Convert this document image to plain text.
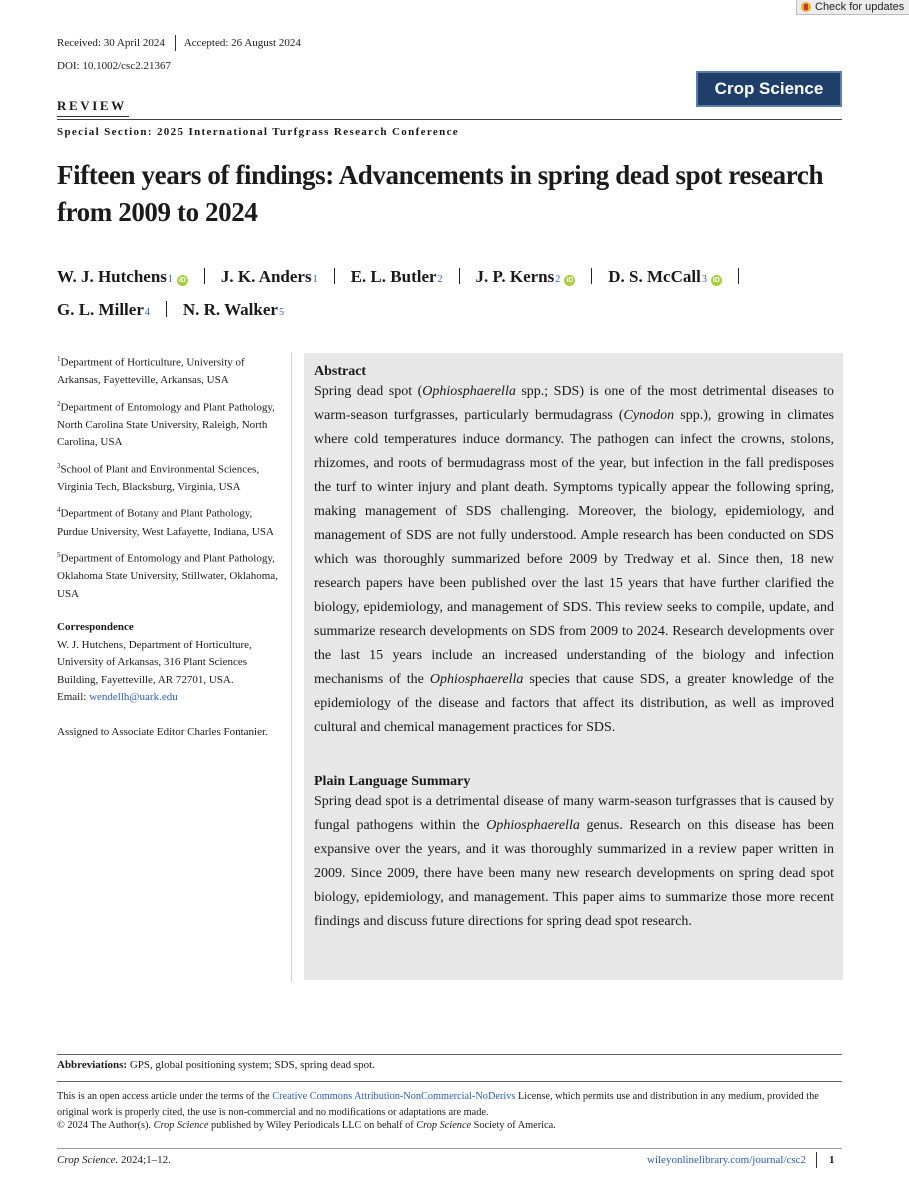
Check for updates
Received: 30 April 2024 Accepted: 26 August 2024
DOI: 10.1002/csc2.21367
Crop Science
REVIEW
Special Section: 2025 International Turfgrass Research Conference
Fifteen years of findings: Advancements in spring dead spot research from 2009 to 2024
W. J. Hutchens 1 iD J. K. Anders 1 E. L. Butler 2 J. P. Kerns 2 iD D. S. McCall 3 iD

G. L. Miller 4 N. R. Walker 5
$^1$Department of Horticulture, University of Arkansas, Fayetteville, Arkansas, USA
$^2$Department of Entomology and Plant Pathology, North Carolina State University, Raleigh, North Carolina, USA
$^3$School of Plant and Environmental Sciences, Virginia Tech, Blacksburg, Virginia, USA
$^4$Department of Botany and Plant Pathology, Purdue University, West Lafayette, Indiana, USA
$^5$Department of Entomology and Plant Pathology, Oklahoma State University, Stillwater, Oklahoma, USA
Correspondence
W. J. Hutchens, Department of Horticulture, University of Arkansas, 316 Plant Sciences Building, Fayetteville, AR 72701, USA.
Email: wendellh@uark.edu
Assigned to Associate Editor Charles Fontanier.
Abstract

Spring dead spot (Ophiosphaerella spp.; SDS) is one of the most detrimental diseases to warm-season turfgrasses, particularly bermudagrass (Cynodon spp.), growing in climates where cold temperatures induce dormancy. The pathogen can infect the crowns, stolons, rhizomes, and roots of bermudagrass most of the year, but infection in the fall predisposes the turf to winter injury and plant death. Symptoms typically appear the following spring, making management of SDS challenging. Moreover, the biology, epidemiology, and management of SDS are not fully understood. Ample research has been conducted on SDS which was thoroughly summarized before 2009 by Tredway et al. Since then, 18 new research papers have been published over the last 15 years that have further clarified the biology, epidemiology, and management of SDS. This review seeks to compile, update, and summarize research developments on SDS from 2009 to 2024. Research developments over the last 15 years include an increased understanding of the biology and infection mechanisms of the Ophiosphaerella species that cause SDS, a greater knowledge of the epidemiology of the disease and factors that affect its distribution, as well as improved cultural and chemical management practices for SDS.

Plain Language Summary

Spring dead spot is a detrimental disease of many warm-season turfgrasses that is caused by fungal pathogens within the Ophiosphaerella genus. Research on this disease has been expansive over the years, and it was thoroughly summarized in a review paper written in 2009. Since 2009, there have been many new research developments on spring dead spot biology, epidemiology, and management. This paper aims to summarize those more recent findings and discuss future directions for spring dead spot research.

Abbreviations: GPS, global positioning system; SDS, spring dead spot.
This is an open access article under the terms of the Creative Commons Attribution-NonCommercial-NoDerivs License, which permits use and distribution in any medium, provided the original work is properly cited, the use is non-commercial and no modifications or adaptations are made.
© 2024 The Author(s). Crop Science published by Wiley Periodicals LLC on behalf of Crop Science Society of America.
Crop Science. 2024;1–12.	wileyonlinelibrary.com/journal/csc2 1
